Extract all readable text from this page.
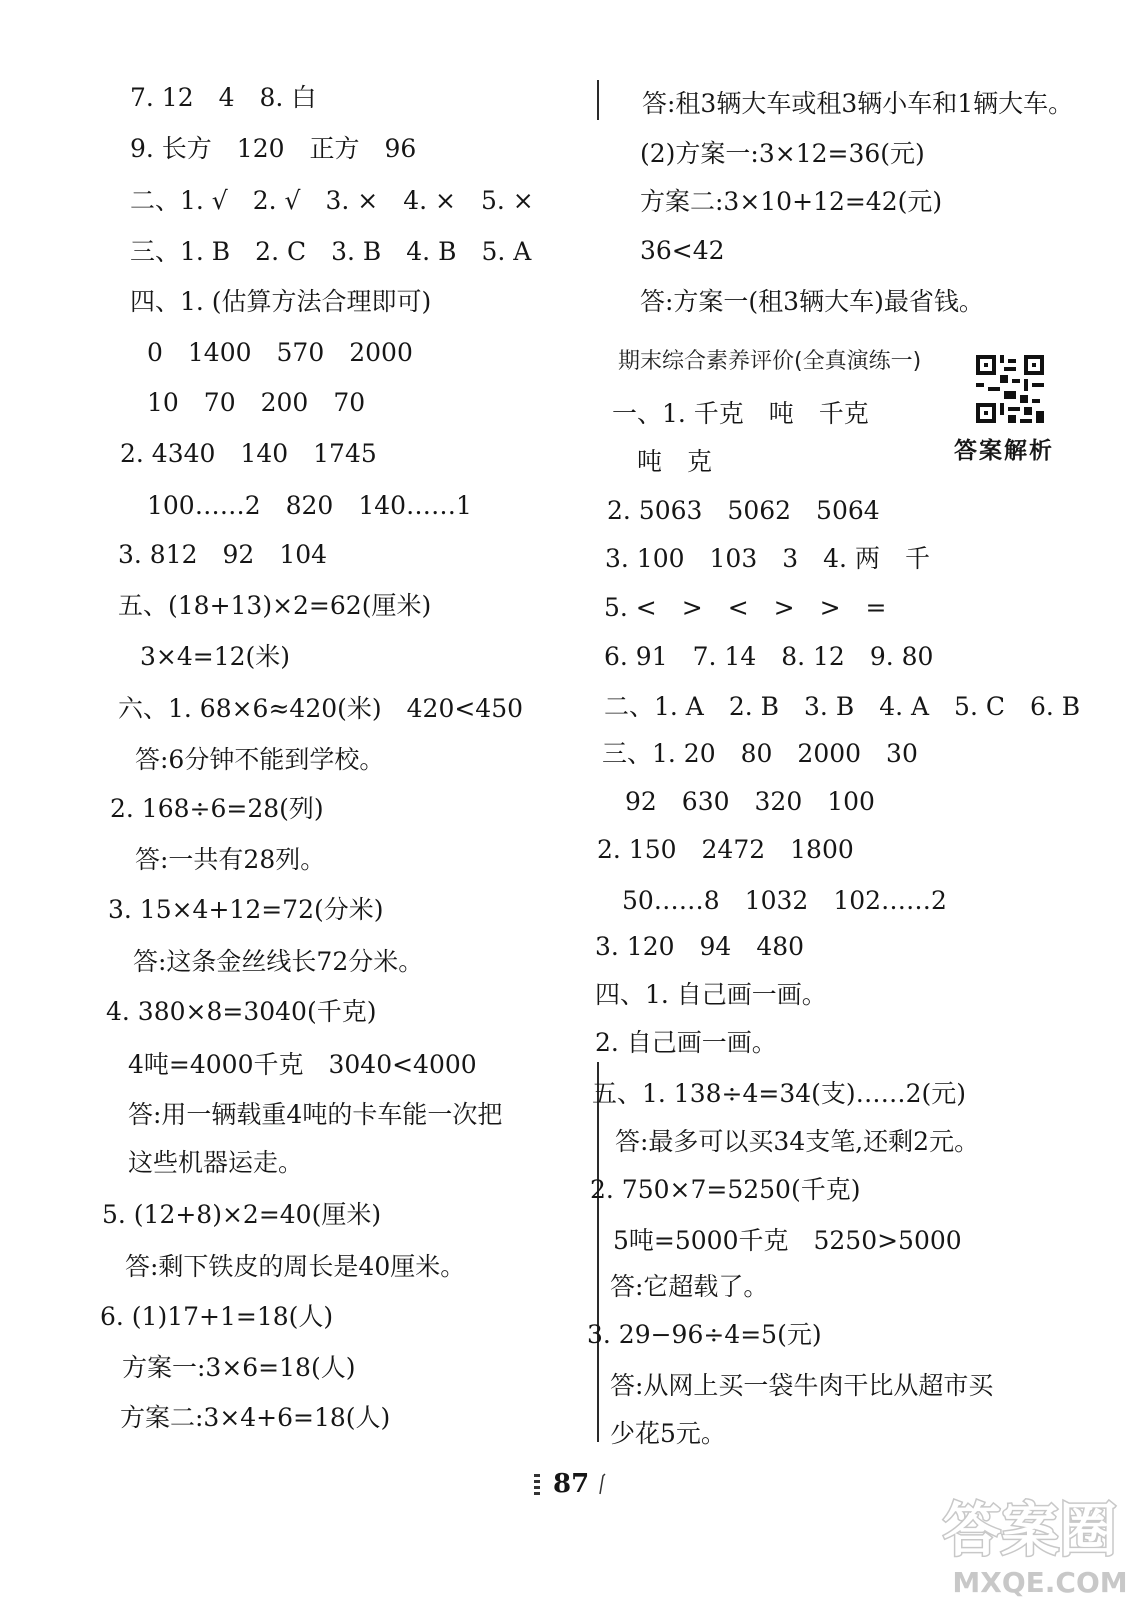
7. 12　4　8. 白
9. 长方　120　正方　96
二、1. √　2. √　3. ×　4. ×　5. ×
三、1. B　2. C　3. B　4. B　5. A
四、1. (估算方法合理即可)
0　1400　570　2000
10　70　200　70
2. 4340　140　1745
100……2　820　140……1
3. 812　92　104
五、(18+13)×2=62(厘米)
3×4=12(米)
六、1. 68×6≈420(米)　420<450
答:6分钟不能到学校。
2. 168÷6=28(列)
答:一共有28列。
3. 15×4+12=72(分米)
答:这条金丝线长72分米。
4. 380×8=3040(千克)
4吨=4000千克　3040<4000
答:用一辆载重4吨的卡车能一次把
这些机器运走。
5. (12+8)×2=40(厘米)
答:剩下铁皮的周长是40厘米。
6. (1)17+1=18(人)
方案一:3×6=18(人)
方案二:3×4+6=18(人)
答:租3辆大车或租3辆小车和1辆大车。
(2)方案一:3×12=36(元)
方案二:3×10+12=42(元)
36<42
答:方案一(租3辆大车)最省钱。
期末综合素养评价(全真演练一)
答案解析
一、1. 千克　吨　千克
吨　克
2. 5063　5062　5064
3. 100　103　3　4. 两　千
5. <　>　<　>　>　=
6. 91　7. 14　8. 12　9. 80
二、1. A　2. B　3. B　4. A　5. C　6. B
三、1. 20　80　2000　30
92　630　320　100
2. 150　2472　1800
50……8　1032　102……2
3. 120　94　480
四、1. 自己画一画。
2. 自己画一画。
五、1. 138÷4=34(支)……2(元)
答:最多可以买34支笔,还剩2元。
2. 750×7=5250(千克)
5吨=5000千克　5250>5000
答:它超载了。
3. 29−96÷4=5(元)
答:从网上买一袋牛肉干比从超市买
少花5元。
87
答案圈
MXQE.COM
